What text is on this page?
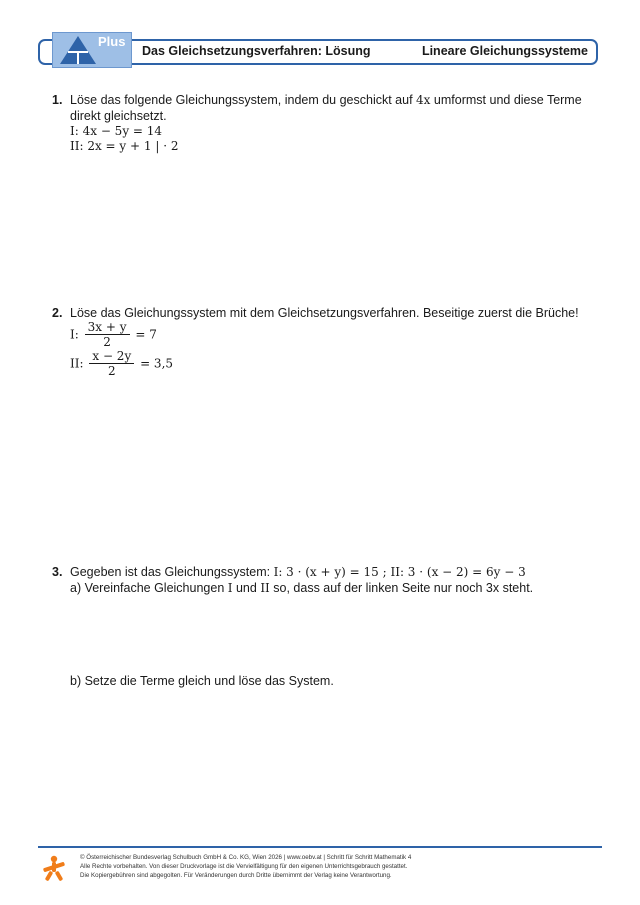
Plus
Das Gleichsetzungsverfahren: Lösung	Lineare Gleichungssysteme
1. Löse das folgende Gleichungssystem, indem du geschickt auf 4x umformst und diese Terme direkt gleichsetzt.
I: 4x − 5y = 14
II: 2x = y + 1 | · 2
2. Löse das Gleichungssystem mit dem Gleichsetzungsverfahren. Beseitige zuerst die Brüche!
I: $\frac{3x + y}{2} = 7$
II: $\frac{x - 2y}{2} = 3,5$
3. Gegeben ist das Gleichungssystem: I: 3 · (x + y) = 15 ; II: 3 · (x − 2) = 6y − 3
a) Vereinfache Gleichungen I und II so, dass auf der linken Seite nur noch 3x steht.
b) Setze die Terme gleich und löse das System.
© Österreichischer Bundesverlag Schulbuch GmbH & Co. KG, Wien 2026 | www.oebv.at | Schritt für Schritt Mathematik 4
Alle Rechte vorbehalten. Von dieser Druckvorlage ist die Vervielfältigung für den eigenen Unterrichtsgebrauch gestattet.
Die Kopiergebühren sind abgegolten. Für Veränderungen durch Dritte übernimmt der Verlag keine Verantwortung.
